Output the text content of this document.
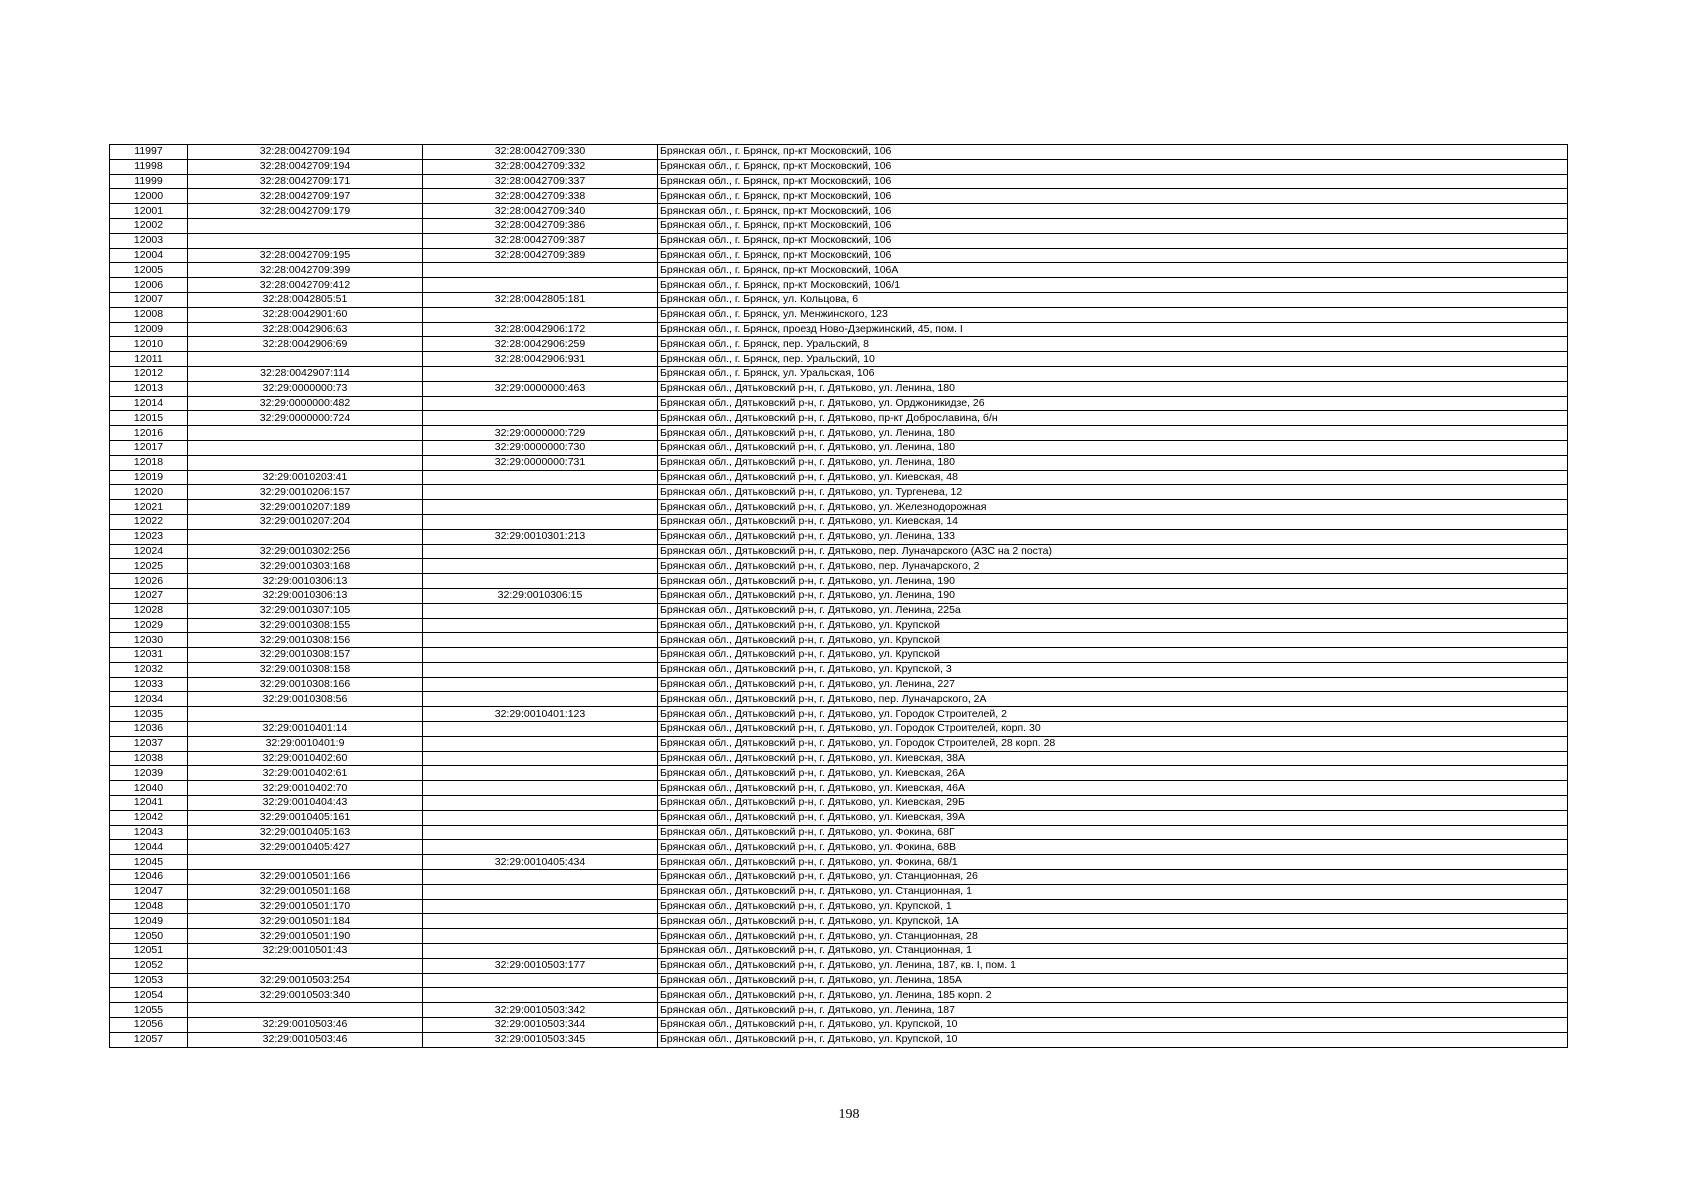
11997	32:28:0042709:194	32:28:0042709:330	Брянская обл., г. Брянск, пр-кт Московский, 106
11998	32:28:0042709:194	32:28:0042709:332	Брянская обл., г. Брянск, пр-кт Московский, 106
11999	32:28:0042709:171	32:28:0042709:337	Брянская обл., г. Брянск, пр-кт Московский, 106
12000	32:28:0042709:197	32:28:0042709:338	Брянская обл., г. Брянск, пр-кт Московский, 106
12001	32:28:0042709:179	32:28:0042709:340	Брянская обл., г. Брянск, пр-кт Московский, 106
12002		32:28:0042709:386	Брянская обл., г. Брянск, пр-кт Московский, 106
12003		32:28:0042709:387	Брянская обл., г. Брянск, пр-кт Московский, 106
12004	32:28:0042709:195	32:28:0042709:389	Брянская обл., г. Брянск, пр-кт Московский, 106
12005	32:28:0042709:399		Брянская обл., г. Брянск, пр-кт Московский, 106А
12006	32:28:0042709:412		Брянская обл., г. Брянск, пр-кт Московский, 106/1
12007	32:28:0042805:51	32:28:0042805:181	Брянская обл., г. Брянск, ул. Кольцова, 6
12008	32:28:0042901:60		Брянская обл., г. Брянск, ул. Менжинского, 123
12009	32:28:0042906:63	32:28:0042906:172	Брянская обл., г. Брянск, проезд Ново-Дзержинский, 45, пом. I
12010	32:28:0042906:69	32:28:0042906:259	Брянская обл., г. Брянск, пер. Уральский, 8
12011		32:28:0042906:931	Брянская обл., г. Брянск, пер. Уральский, 10
12012	32:28:0042907:114		Брянская обл., г. Брянск, ул. Уральская, 106
12013	32:29:0000000:73	32:29:0000000:463	Брянская обл., Дятьковский р-н, г. Дятьково, ул. Ленина, 180
12014	32:29:0000000:482		Брянская обл., Дятьковский р-н, г. Дятьково, ул. Орджоникидзе, 26
12015	32:29:0000000:724		Брянская обл., Дятьковский р-н, г. Дятьково, пр-кт Доброславина, б/н
12016		32:29:0000000:729	Брянская обл., Дятьковский р-н, г. Дятьково, ул. Ленина, 180
12017		32:29:0000000:730	Брянская обл., Дятьковский р-н, г. Дятьково, ул. Ленина, 180
12018		32:29:0000000:731	Брянская обл., Дятьковский р-н, г. Дятьково, ул. Ленина, 180
12019	32:29:0010203:41		Брянская обл., Дятьковский р-н, г. Дятьково, ул. Киевская, 48
12020	32:29:0010206:157		Брянская обл., Дятьковский р-н, г. Дятьково, ул. Тургенева, 12
12021	32:29:0010207:189		Брянская обл., Дятьковский р-н, г. Дятьково, ул. Железнодорожная
12022	32:29:0010207:204		Брянская обл., Дятьковский р-н, г. Дятьково, ул. Киевская, 14
12023		32:29:0010301:213	Брянская обл., Дятьковский р-н, г. Дятьково, ул. Ленина, 133
12024	32:29:0010302:256		Брянская обл., Дятьковский р-н, г. Дятьково, пер. Луначарского (АЗС на 2 поста)
12025	32:29:0010303:168		Брянская обл., Дятьковский р-н, г. Дятьково, пер. Луначарского, 2
12026	32:29:0010306:13		Брянская обл., Дятьковский р-н, г. Дятьково, ул. Ленина, 190
12027	32:29:0010306:13	32:29:0010306:15	Брянская обл., Дятьковский р-н, г. Дятьково, ул. Ленина, 190
12028	32:29:0010307:105		Брянская обл., Дятьковский р-н, г. Дятьково, ул. Ленина, 225а
12029	32:29:0010308:155		Брянская обл., Дятьковский р-н, г. Дятьково, ул. Крупской
12030	32:29:0010308:156		Брянская обл., Дятьковский р-н, г. Дятьково, ул. Крупской
12031	32:29:0010308:157		Брянская обл., Дятьковский р-н, г. Дятьково, ул. Крупской
12032	32:29:0010308:158		Брянская обл., Дятьковский р-н, г. Дятьково, ул. Крупской, 3
12033	32:29:0010308:166		Брянская обл., Дятьковский р-н, г. Дятьково, ул. Ленина, 227
12034	32:29:0010308:56		Брянская обл., Дятьковский р-н, г. Дятьково, пер. Луначарского, 2А
12035		32:29:0010401:123	Брянская обл., Дятьковский р-н, г. Дятьково, ул. Городок Строителей, 2
12036	32:29:0010401:14		Брянская обл., Дятьковский р-н, г. Дятьково, ул. Городок Строителей, корп. 30
12037	32:29:0010401:9		Брянская обл., Дятьковский р-н, г. Дятьково, ул. Городок Строителей, 28 корп. 28
12038	32:29:0010402:60		Брянская обл., Дятьковский р-н, г. Дятьково, ул. Киевская, 38А
12039	32:29:0010402:61		Брянская обл., Дятьковский р-н, г. Дятьково, ул. Киевская, 26А
12040	32:29:0010402:70		Брянская обл., Дятьковский р-н, г. Дятьково, ул. Киевская, 46А
12041	32:29:0010404:43		Брянская обл., Дятьковский р-н, г. Дятьково, ул. Киевская, 29Б
12042	32:29:0010405:161		Брянская обл., Дятьковский р-н, г. Дятьково, ул. Киевская, 39А
12043	32:29:0010405:163		Брянская обл., Дятьковский р-н, г. Дятьково, ул. Фокина, 68Г
12044	32:29:0010405:427		Брянская обл., Дятьковский р-н, г. Дятьково, ул. Фокина, 68В
12045		32:29:0010405:434	Брянская обл., Дятьковский р-н, г. Дятьково, ул. Фокина, 68/1
12046	32:29:0010501:166		Брянская обл., Дятьковский р-н, г. Дятьково, ул. Станционная, 26
12047	32:29:0010501:168		Брянская обл., Дятьковский р-н, г. Дятьково, ул. Станционная, 1
12048	32:29:0010501:170		Брянская обл., Дятьковский р-н, г. Дятьково, ул. Крупской, 1
12049	32:29:0010501:184		Брянская обл., Дятьковский р-н, г. Дятьково, ул. Крупской, 1А
12050	32:29:0010501:190		Брянская обл., Дятьковский р-н, г. Дятьково, ул. Станционная, 28
12051	32:29:0010501:43		Брянская обл., Дятьковский р-н, г. Дятьково, ул. Станционная, 1
12052		32:29:0010503:177	Брянская обл., Дятьковский р-н, г. Дятьково, ул. Ленина, 187, кв. I, пом. 1
12053	32:29:0010503:254		Брянская обл., Дятьковский р-н, г. Дятьково, ул. Ленина, 185А
12054	32:29:0010503:340		Брянская обл., Дятьковский р-н, г. Дятьково, ул. Ленина, 185 корп. 2
12055		32:29:0010503:342	Брянская обл., Дятьковский р-н, г. Дятьково, ул. Ленина, 187
12056	32:29:0010503:46	32:29:0010503:344	Брянская обл., Дятьковский р-н, г. Дятьково, ул. Крупской, 10
12057	32:29:0010503:46	32:29:0010503:345	Брянская обл., Дятьковский р-н, г. Дятьково, ул. Крупской, 10
198
